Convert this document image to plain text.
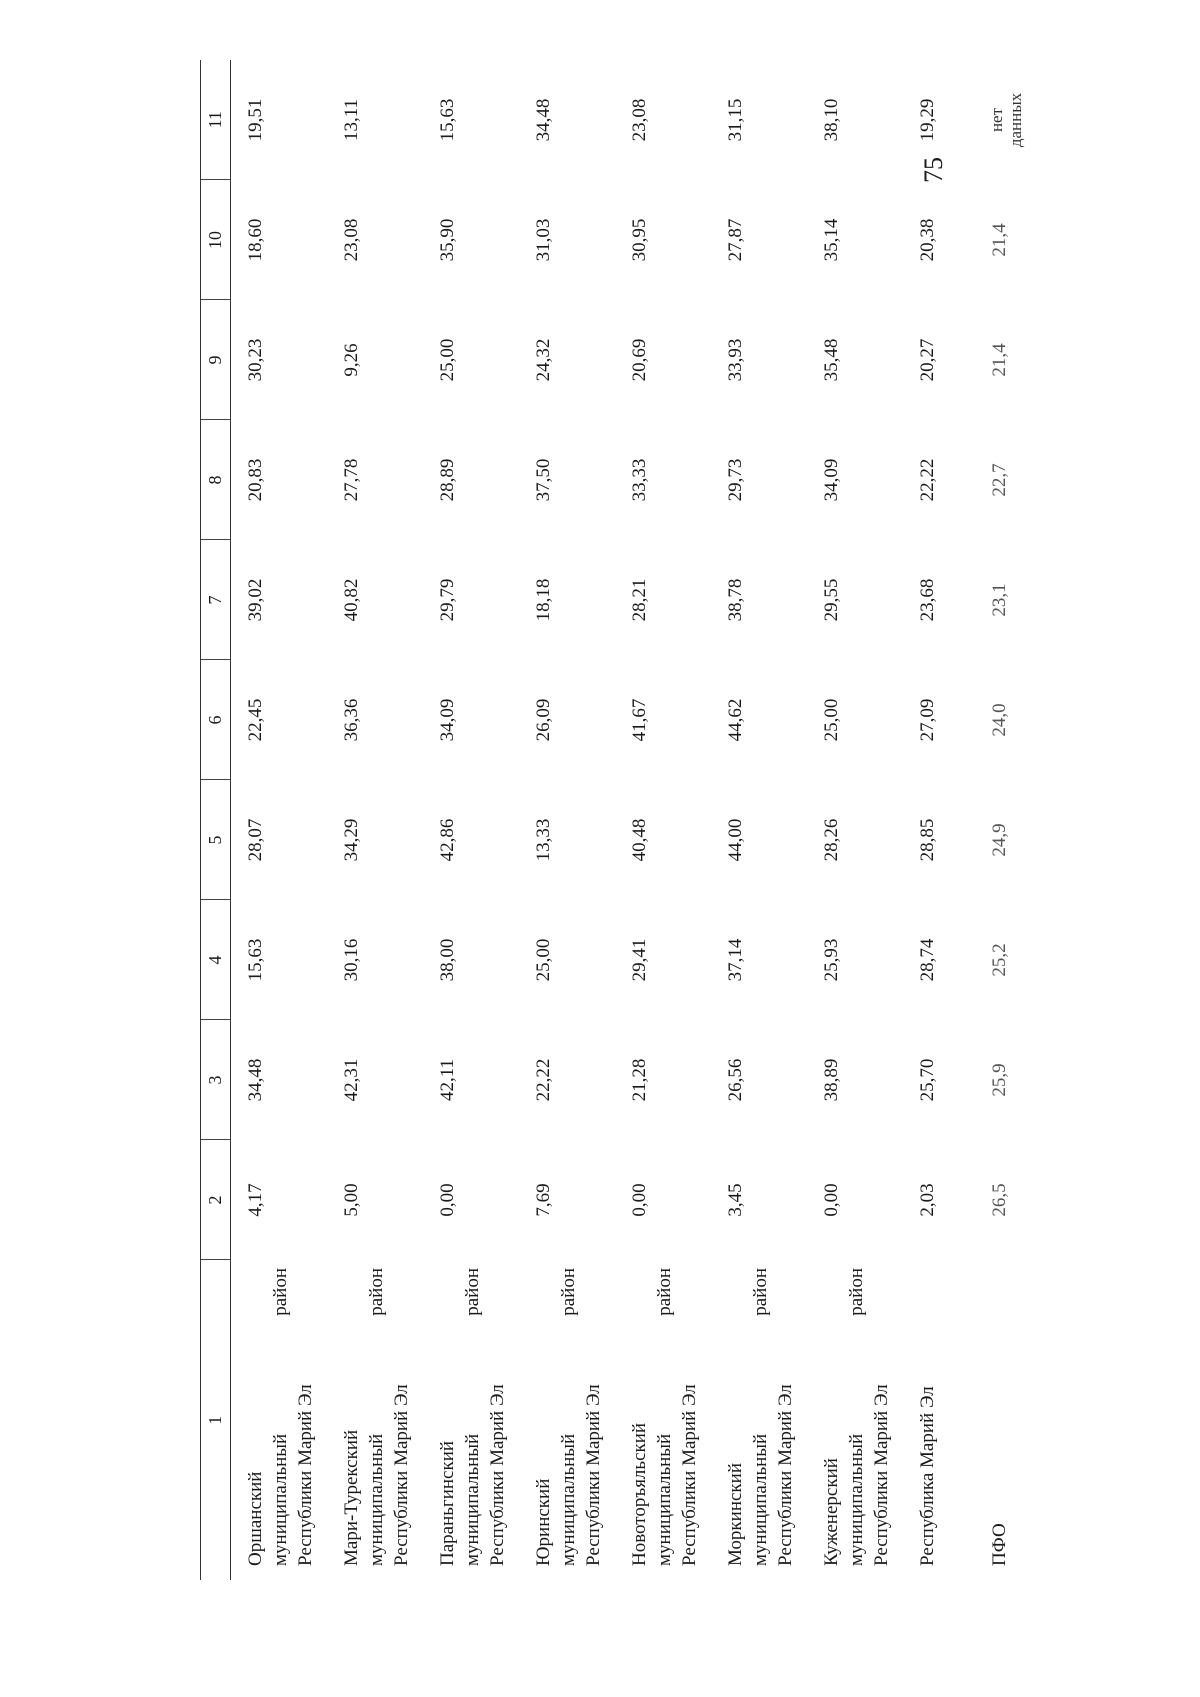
75
1	2	3	4	5	6	7	8	9	10	11

Оршанский муниципальный район Республики Марий Эл	4,17	34,48	15,63	28,07	22,45	39,02	20,83	30,23	18,60	19,51

Мари-Турекский муниципальный район Республики Марий Эл	5,00	42,31	30,16	34,29	36,36	40,82	27,78	9,26	23,08	13,11

Параньгинский муниципальный район Республики Марий Эл	0,00	42,11	38,00	42,86	34,09	29,79	28,89	25,00	35,90	15,63

Юринский муниципальный район Республики Марий Эл	7,69	22,22	25,00	13,33	26,09	18,18	37,50	24,32	31,03	34,48

Новоторъяльский муниципальный район Республики Марий Эл	0,00	21,28	29,41	40,48	41,67	28,21	33,33	20,69	30,95	23,08

Моркинский муниципальный район Республики Марий Эл	3,45	26,56	37,14	44,00	44,62	38,78	29,73	33,93	27,87	31,15

Куженерский муниципальный район Республики Марий Эл	0,00	38,89	25,93	28,26	25,00	29,55	34,09	35,48	35,14	38,10

Республика Марий Эл	2,03	25,70	28,74	28,85	27,09	23,68	22,22	20,27	20,38	19,29

ПФО	26,5	25,9	25,2	24,9	24,0	23,1	22,7	21,4	21,4	нет данных
